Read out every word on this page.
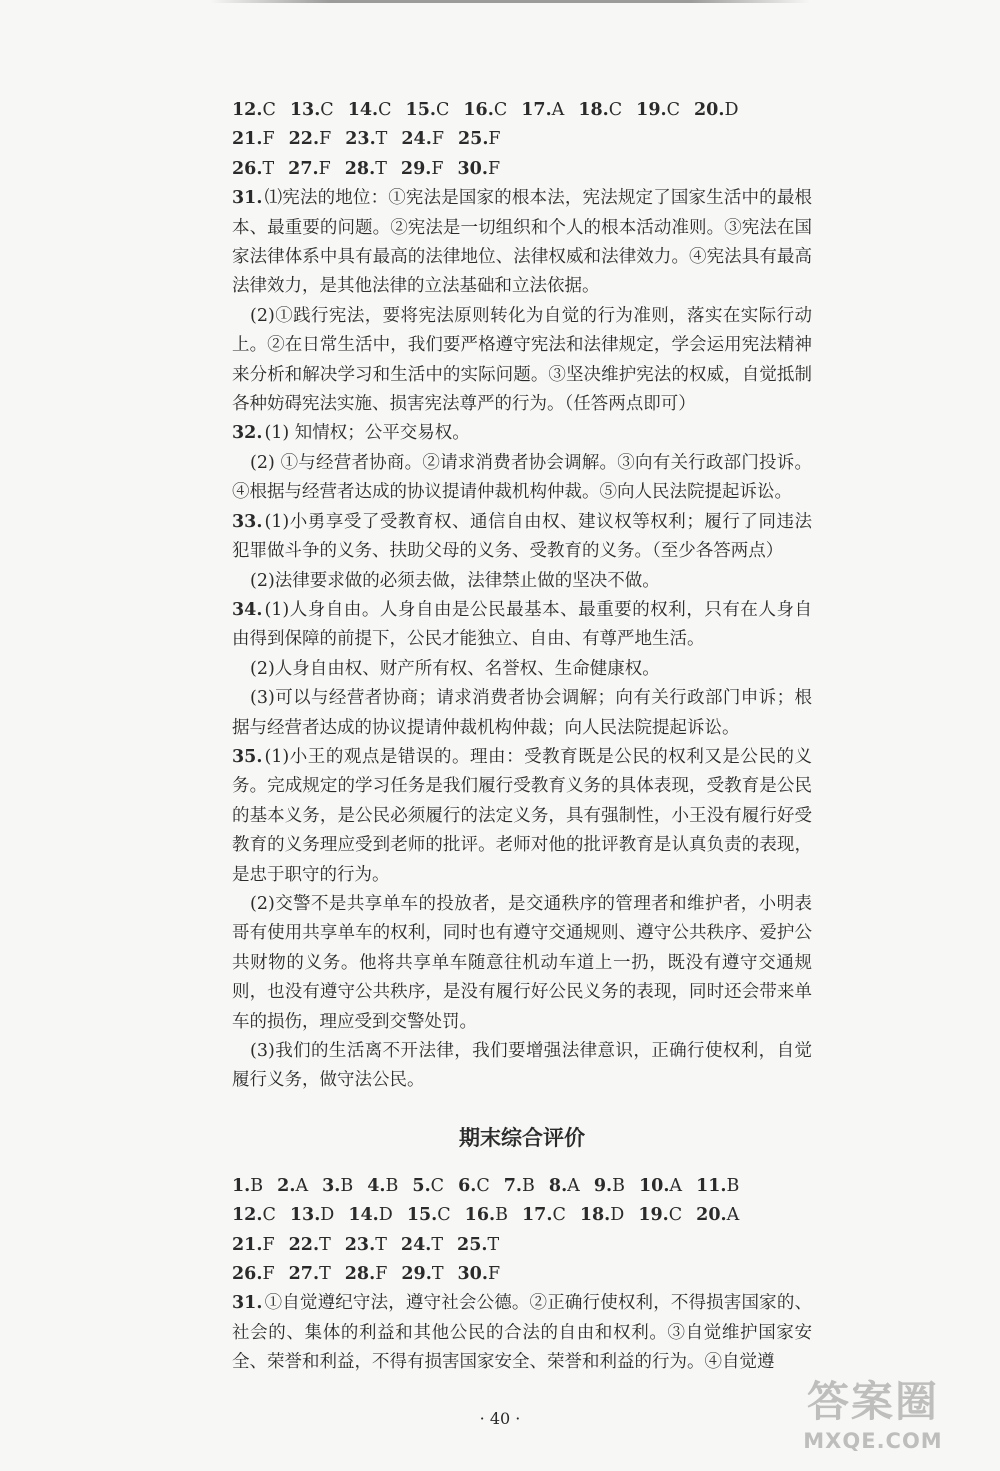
12.C 13.C 14.C 15.C 16.C 17.A 18.C 19.C 20.D
21.F 22.F 23.T 24.F 25.F
26.T 27.F 28.T 29.F 30.F
31. ⑴宪法的地位：①宪法是国家的根本法，宪法规定了国家生活中的最根本、最重要的问题。②宪法是一切组织和个人的根本活动准则。③宪法在国家法律体系中具有最高的法律地位、法律权威和法律效力。④宪法具有最高法律效力，是其他法律的立法基础和立法依据。
(2)①践行宪法，要将宪法原则转化为自觉的行为准则，落实在实际行动上。②在日常生活中，我们要严格遵守宪法和法律规定，学会运用宪法精神来分析和解决学习和生活中的实际问题。③坚决维护宪法的权威，自觉抵制各种妨碍宪法实施、损害宪法尊严的行为。（任答两点即可）
32. (1) 知情权；公平交易权。
(2) ①与经营者协商。②请求消费者协会调解。③向有关行政部门投诉。④根据与经营者达成的协议提请仲裁机构仲裁。⑤向人民法院提起诉讼。
33. (1)小勇享受了受教育权、通信自由权、建议权等权利；履行了同违法犯罪做斗争的义务、扶助父母的义务、受教育的义务。（至少各答两点）
(2)法律要求做的必须去做，法律禁止做的坚决不做。
34. (1)人身自由。人身自由是公民最基本、最重要的权利，只有在人身自由得到保障的前提下，公民才能独立、自由、有尊严地生活。
(2)人身自由权、财产所有权、名誉权、生命健康权。
(3)可以与经营者协商；请求消费者协会调解；向有关行政部门申诉；根据与经营者达成的协议提请仲裁机构仲裁；向人民法院提起诉讼。
35. (1)小王的观点是错误的。理由：受教育既是公民的权利又是公民的义务。完成规定的学习任务是我们履行受教育义务的具体表现，受教育是公民的基本义务，是公民必须履行的法定义务，具有强制性，小王没有履行好受教育的义务理应受到老师的批评。老师对他的批评教育是认真负责的表现，是忠于职守的行为。
(2)交警不是共享单车的投放者，是交通秩序的管理者和维护者，小明表哥有使用共享单车的权利，同时也有遵守交通规则、遵守公共秩序、爱护公共财物的义务。他将共享单车随意往机动车道上一扔，既没有遵守交通规则，也没有遵守公共秩序，是没有履行好公民义务的表现，同时还会带来单车的损伤，理应受到交警处罚。
(3)我们的生活离不开法律，我们要增强法律意识，正确行使权利，自觉履行义务，做守法公民。
期末综合评价
1.B 2.A 3.B 4.B 5.C 6.C 7.B 8.A 9.B 10.A 11.B
12.C 13.D 14.D 15.C 16.B 17.C 18.D 19.C 20.A
21.F 22.T 23.T 24.T 25.T
26.F 27.T 28.F 29.T 30.F
31. ①自觉遵纪守法，遵守社会公德。②正确行使权利，不得损害国家的、社会的、集体的利益和其他公民的合法的自由和权利。③自觉维护国家安全、荣誉和利益，不得有损害国家安全、荣誉和利益的行为。④自觉遵
· 40 ·	答案圈
MXQE.COM
